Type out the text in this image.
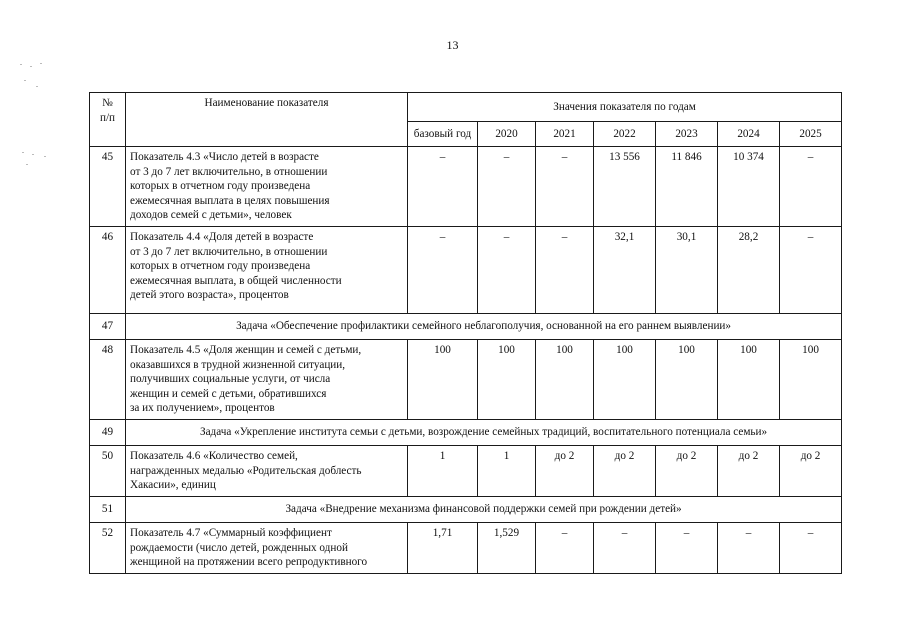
13
№
п/п	Наименование показателя	Значения показателя по годам						
		базовый год	2020	2021	2022	2023	2024	2025
45	Показатель 4.3 «Число детей в возрасте
от 3 до 7 лет включительно, в отношении
которых в отчетном году произведена
ежемесячная выплата в целях повышения
доходов семей с детьми», человек	–	–	–	13 556	11 846	10 374	–
46	Показатель 4.4 «Доля детей в возрасте
от 3 до 7 лет включительно, в отношении
которых в отчетном году произведена
ежемесячная выплата, в общей численности
детей этого возраста», процентов	–	–	–	32,1	30,1	28,2	–
47	Задача «Обеспечение профилактики семейного неблагополучия, основанной на его раннем выявлении»							
48	Показатель 4.5 «Доля женщин и семей с детьми,
оказавшихся в трудной жизненной ситуации,
получивших социальные услуги, от числа
женщин и семей с детьми, обратившихся
за их получением», процентов	100	100	100	100	100	100	100
49	Задача «Укрепление института семьи с детьми, возрождение семейных традиций, воспитательного потенциала семьи»							
50	Показатель 4.6 «Количество семей,
награжденных медалью «Родительская доблесть
Хакасии», единиц	1	1	до 2	до 2	до 2	до 2	до 2
51	Задача «Внедрение механизма финансовой поддержки семей при рождении детей»							
52	Показатель 4.7 «Суммарный коэффициент
рождаемости (число детей, рожденных одной
женщиной на протяжении всего репродуктивного	1,71	1,529	–	–	–	–	–
